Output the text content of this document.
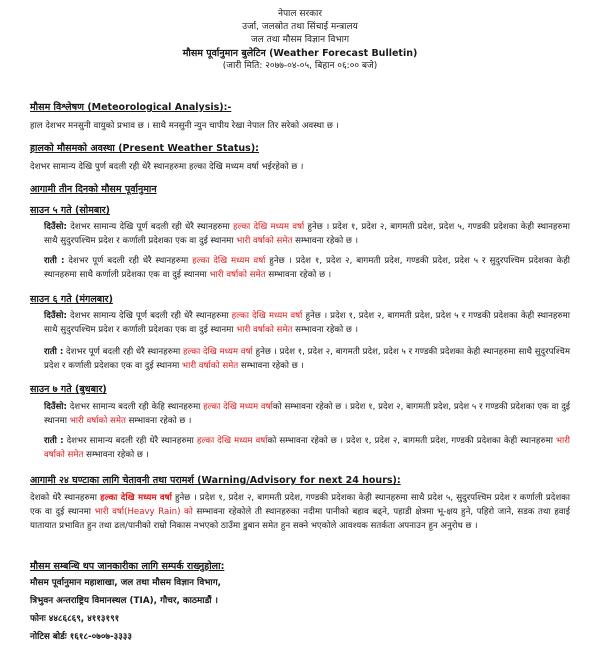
नेपाल सरकार
उर्जा, जलस्रोत तथा सिंचाई मन्त्रालय
जल तथा मौसम विज्ञान विभाग
मौसम पूर्वानुमान बुलेटिन (Weather Forecast Bulletin)
(जारी मिति: २०७७-०४-०५, बिहान ०६:०० बजे)
मौसम विश्लेषण (Meteorological Analysis):-
हाल देशभर मनसुनी वायुको प्रभाव छ । साथै मनसुनी न्युन चापीय रेखा नेपाल तिर सरेको अवस्था छ ।
हालको मौसमको अवस्था (Present Weather Status):
देशभर सामान्य देखि पुर्ण बदली रही धेरै स्थानहरुमा हल्का देखि मध्यम वर्षा भईरहेको छ ।
आगामी तीन दिनको मौसम पूर्वानुमान
साउन ५ गते (सोमबार)
दिउँसो: देशभर सामान्य देखि पूर्ण बदली रही धेरै स्थानहरुमा हल्का देखि मध्यम वर्षा हुनेछ । प्रदेश १, प्रदेश २, बागमती प्रदेश, प्रदेश ५, गण्डकी प्रदेशका केही स्थानहरुमा साथै सुदुरपश्चिम प्रदेश र कर्णाली प्रदेशका एक वा दुई स्थानमा भारी वर्षाको समेत सम्भावना रहेको छ ।
राती : देशभर पूर्ण बदली रही धेरै स्थानहरुमा हल्का देखि मध्यम वर्षा हुनेछ । प्रदेश १, प्रदेश २, बागमती प्रदेश, गण्डकी प्रदेश, प्रदेश ५ र सुदुरपश्चिम प्रदेशका केही स्थानहरुमा साथै कर्णाली प्रदेशका एक वा दुई स्थानमा भारी वर्षाको समेत सम्भावना रहेको छ ।
साउन ६ गते (मंगलबार)
दिउँसो: देशभर सामान्य देखि पूर्ण बदली रही धेरै स्थानहरुमा हल्का देखि मध्यम वर्षा हुनेछ । प्रदेश १, प्रदेश २, बागमती प्रदेश, प्रदेश ५ र गण्डकी प्रदेशका केही स्थानहरुमा साथै सुदुरपश्चिम प्रदेश र कर्णाली प्रदेशका एक वा दुई स्थानमा भारी वर्षाको समेत सम्भावना रहेको छ ।
राती : देशभर पूर्ण बदली रही धेरै स्थानहरुमा हल्का देखि मध्यम वर्षा हुनेछ । प्रदेश १, प्रदेश २, बागमती प्रदेश, प्रदेश ५ र गण्डकी प्रदेशका केही स्थानहरुमा साथै सुदुरपश्चिम प्रदेश र कर्णाली प्रदेशका एक वा दुई स्थानमा भारी वर्षाको समेत सम्भावना रहेको छ ।
साउन ७ गते (बुधबार)
दिउँसो: देशभर सामान्य बदली रही केहि स्थानहरुमा हल्का देखि मध्यम वर्षाको सम्भावना रहेको छ । प्रदेश १, प्रदेश २, बागमती प्रदेश, प्रदेश ५ र गण्डकी प्रदेशका एक वा दुई स्थानमा भारी वर्षाको समेत सम्भावना रहेको छ ।
राती : देशभर सामान्य बदली रही धेरै स्थानहरुमा हल्का देखि मध्यम वर्षाको सम्भावना रहेको छ । प्रदेश १, प्रदेश २, बागमती प्रदेश, गण्डकी प्रदेशका केही स्थानहरुमा भारी वर्षाको समेत सम्भावना रहेको छ ।
आगामी २४ घण्टाका लागि चेतावनी तथा परामर्श (Warning/Advisory for next 24 hours):
देशको धेरै स्थानहरुमा हल्का देखि मध्यम वर्षा हुनेछ । प्रदेश १, प्रदेश २, बागमती प्रदेश, गण्डकी प्रदेशका केही स्थानहरुमा साथै प्रदेश ५, सुदुरपश्चिम प्रदेश र कर्णाली प्रदेशका एक वा दुई स्थानमा भारी वर्षा(Heavy Rain) को सम्भावना रहेकोले ती स्थानहरुका नदीमा पानीको बहाव बढ्ने, पहाडी क्षेत्रमा भू-क्षय हुने, पहिरो जाने, सडक तथा हवाई यातायात प्रभावित हुन तथा ढल/पानीको राम्रो निकास नभएको ठाउँमा डुबान समेत हुन सक्ने भएकोले आवश्यक सतर्कता अपनाउन हुन अनुरोध छ ।
मौसम सम्बन्धि थप जानकारीका लागि सम्पर्क राख्नुहोला:
मौसम पूर्वानुमान महाशाखा, जल तथा मौसम विज्ञान विभाग,
त्रिभुवन अन्तराष्ट्रिय विमानस्थल (TIA), गौचर, काठमाडौं ।
फोनः ४४८६८६९, ४११३१९१
नोटिस बोर्डः १६१८-०७०७-३३३३
